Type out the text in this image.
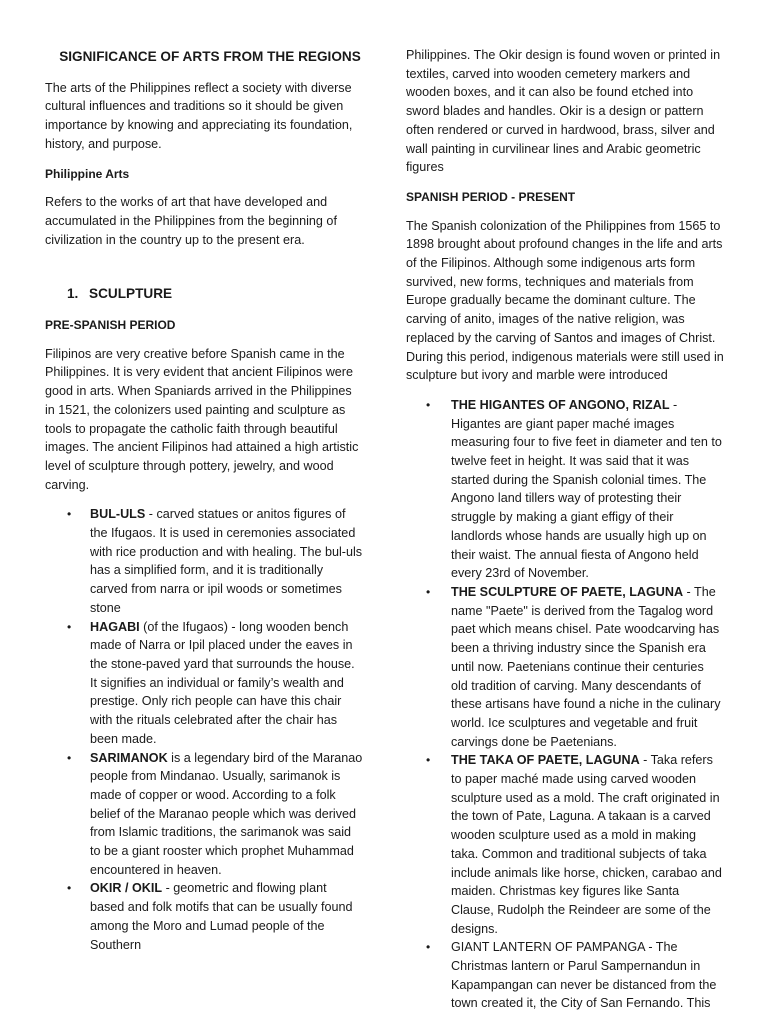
SIGNIFICANCE OF ARTS FROM THE REGIONS

The arts of the Philippines reflect a society with diverse cultural influences and traditions so it should be given importance by knowing and appreciating its foundation, history, and purpose.

Philippine Arts

Refers to the works of art that have developed and accumulated in the Philippines from the beginning of civilization in the country up to the present era.

1. SCULPTURE
PRE-SPANISH PERIOD

Filipinos are very creative before Spanish came in the Philippines. It is very evident that ancient Filipinos were good in arts. When Spaniards arrived in the Philippines in 1521, the colonizers used painting and sculpture as tools to propagate the catholic faith through beautiful images. The ancient Filipinos had attained a high artistic level of sculpture through pottery, jewelry, and wood carving.

• BUL-ULS - carved statues or anitos figures of the Ifugaos. It is used in ceremonies associated with rice production and with healing. The bul-uls has a simplified form, and it is traditionally carved from narra or ipil woods or sometimes stone
• HAGABI (of the Ifugaos) - long wooden bench made of Narra or Ipil placed under the eaves in the stone-paved yard that surrounds the house. It signifies an individual or family’s wealth and prestige. Only rich people can have this chair with the rituals celebrated after the chair has been made.
• SARIMANOK is a legendary bird of the Maranao people from Mindanao. Usually, sarimanok is made of copper or wood. According to a folk belief of the Maranao people which was derived from Islamic traditions, the sarimanok was said to be a giant rooster which prophet Muhammad encountered in heaven.
• OKIR / OKIL - geometric and flowing plant based and folk motifs that can be usually found among the Moro and Lumad people of the Southern

Philippines. The Okir design is found woven or printed in textiles, carved into wooden cemetery markers and wooden boxes, and it can also be found etched into sword blades and handles. Okir is a design or pattern often rendered or curved in hardwood, brass, silver and wall painting in curvilinear lines and Arabic geometric figures

SPANISH PERIOD - PRESENT

The Spanish colonization of the Philippines from 1565 to 1898 brought about profound changes in the life and arts of the Filipinos. Although some indigenous arts form survived, new forms, techniques and materials from Europe gradually became the dominant culture. The carving of anito, images of the native religion, was replaced by the carving of Santos and images of Christ. During this period, indigenous materials were still used in sculpture but ivory and marble were introduced

• THE HIGANTES OF ANGONO, RIZAL - Higantes are giant paper maché images measuring four to five feet in diameter and ten to twelve feet in height. It was said that it was started during the Spanish colonial times. The Angono land tillers way of protesting their struggle by making a giant effigy of their landlords whose hands are usually high up on their waist. The annual fiesta of Angono held every 23rd of November.
• THE SCULPTURE OF PAETE, LAGUNA - The name "Paete" is derived from the Tagalog word paet which means chisel. Pate woodcarving has been a thriving industry since the Spanish era until now. Paetenians continue their centuries old tradition of carving. Many descendants of these artisans have found a niche in the culinary world. Ice sculptures and vegetable and fruit carvings done be Paetenians.
• THE TAKA OF PAETE, LAGUNA - Taka refers to paper maché made using carved wooden sculpture used as a mold. The craft originated in the town of Pate, Laguna. A takaan is a carved wooden sculpture used as a mold in making taka. Common and traditional subjects of taka include animals like horse, chicken, carabao and maiden. Christmas key figures like Santa Clause, Rudolph the Reindeer are some of the designs.
• GIANT LANTERN OF PAMPANGA - The Christmas lantern or Parul Sampernandun in Kapampangan can never be distanced from the town created it, the City of San Fernando. This
